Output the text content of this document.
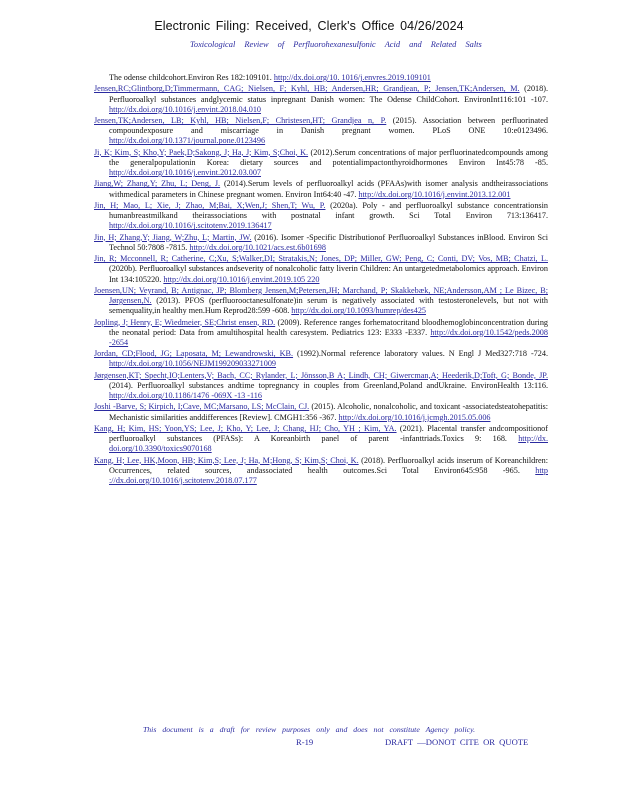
Electronic Filing: Received, Clerk's Office 04/26/2024
Toxicological Review of Perfluorohexanesulfonic Acid and Related Salts
The odense childcohort.Environ Res 182:109101. http://dx.doi.org/10. 1016/j.envres.2019.109101
Jensen,RC;Glintborg,D;Timmermann, CAG; Nielsen, F; Kyhl, HB; Andersen,HR; Grandjean, P; Jensen,TK;Andersen, M. (2018). Perfluoroalkyl substances andglycemic status inpregnant Danish women: The Odense ChildCohort. EnvironInt116:101 -107. http://dx.doi.org/10.1016/j.envint.2018.04.010
Jensen,TK;Andersen, LB; Kyhl, HB; Nielsen,F; Christesen,HT; Grandjea n, P. (2015). Association between perfluorinated compoundexposure and miscarriage in Danish pregnant women. PLoS ONE 10:e0123496. http://dx.doi.org/10.1371/journal.pone.0123496
Ji, K; Kim, S; Kho,Y; Paek,D;Sakong, J; Ha, J; Kim, S;Choi, K. (2012).Serum concentrations of major perfluorinatedcompounds among the generalpopulationin Korea: dietary sources and potentialimpactonthyroidhormones Environ Int45:78 -85. http://dx.doi.org/10.1016/j.envint.2012.03.007
Jiang,W; Zhang,Y; Zhu, L; Deng, J. (2014).Serum levels of perfluoroalkyl acids (PFAAs)with isomer analysis andtheirassociations withmedical parameters in Chinese pregnant women. Environ Int64:40 -47. http://dx.doi.org/10.1016/j.envint.2013.12.001
Jin, H; Mao, L; Xie, J; Zhao, M;Bai, X;Wen,J; Shen,T; Wu, P. (2020a). Poly - and perfluoroalkyl substance concentrationsin humanbreastmilkand theirassociations with postnatal infant growth. Sci Total Environ 713:136417. http://dx.doi.org/10.1016/j.scitotenv.2019.136417
Jin, H; Zhang,Y; Jiang, W;Zhu, L; Martin, JW. (2016). Isomer -Specific Distributionof Perfluoroalkyl Substances inBlood. Environ Sci Technol 50:7808 -7815. http://dx.doi.org/10.1021/acs.est.6b01698
Jin, R; Mcconnell, R; Catherine, C;Xu, S;Walker,DI; Stratakis,N; Jones, DP; Miller, GW; Peng, C; Conti, DV; Vos, MB; Chatzi, L. (2020b). Perfluoroalkyl substances andseverity of nonalcoholic fatty liverin Children: An untargetedmetabolomics approach. Environ Int 134:105220. http://dx.doi.org/10.1016/j.envint.2019.105 220
Joensen,UN; Veyrand, B; Antignac, JP; Blomberg Jensen,M;Petersen,JH; Marchand, P; Skakkebæk, NE;Andersson,AM ; Le Bizec, B; Jørgensen,N. (2013). PFOS (perfluorooctanesulfonate)in serum is negatively associated with testosteronelevels, but not with semenquality,in healthy men.Hum Reprod28:599 -608. http://dx.doi.org/10.1093/humrep/des425
Jopling, J; Henry, E; Wiedmeier, SE;Christ ensen, RD. (2009). Reference ranges forhematocritand bloodhemoglobinconcentration during the neonatal period: Data from amultihospital health caresystem. Pediatrics 123: E333 -E337. http://dx.doi.org/10.1542/peds.2008 -2654
Jordan, CD;Flood, JG; Laposata, M; Lewandrowski, KB. (1992).Normal reference laboratory values. N Engl J Med327:718 -724. http://dx.doi.org/10.1056/NEJM199209033271009
Jørgensen,KT; Specht,IO;Lenters,V; Bach, CC; Rylander, L; Jönsson,B A; Lindh, CH; Giwercman,A; Heederik,D;Toft, G; Bonde, JP. (2014). Perfluoroalkyl substances andtime topregnancy in couples from Greenland,Poland andUkraine. EnvironHealth 13:116. http://dx.doi.org/10.1186/1476 -069X -13 -116
Joshi -Barve, S; Kirpich, I;Cave, MC;Marsano, LS; McClain, CJ. (2015). Alcoholic, nonalcoholic, and toxicant -associatedsteatohepatitis: Mechanistic similarities anddifferences [Review]. CMGH1:356 -367. http://dx.doi.org/10.1016/j.jcmgh.2015.05.006
Kang, H; Kim, HS; Yoon,YS; Lee, J; Kho, Y; Lee, J; Chang, HJ; Cho, YH ; Kim, YA. (2021). Placental transfer andcompositionof perfluoroalkyl substances (PFASs): A Koreanbirth panel of parent -infanttriads.Toxics 9: 168. http://dx. doi.org/10.3390/toxics9070168
Kang, H; Lee, HK,Moon, HB; Kim,S; Lee, J; Ha, M;Hong, S; Kim,S; Choi, K. (2018). Perfluoroalkyl acids inserum of Koreanchildren: Occurrences, related sources, andassociated health outcomes.Sci Total Environ645:958 -965. http ://dx.doi.org/10.1016/j.scitotenv.2018.07.177
This document is a draft for review purposes only and does not constitute Agency policy.
R-19	DRAFT —DONOT CITE OR QUOTE
